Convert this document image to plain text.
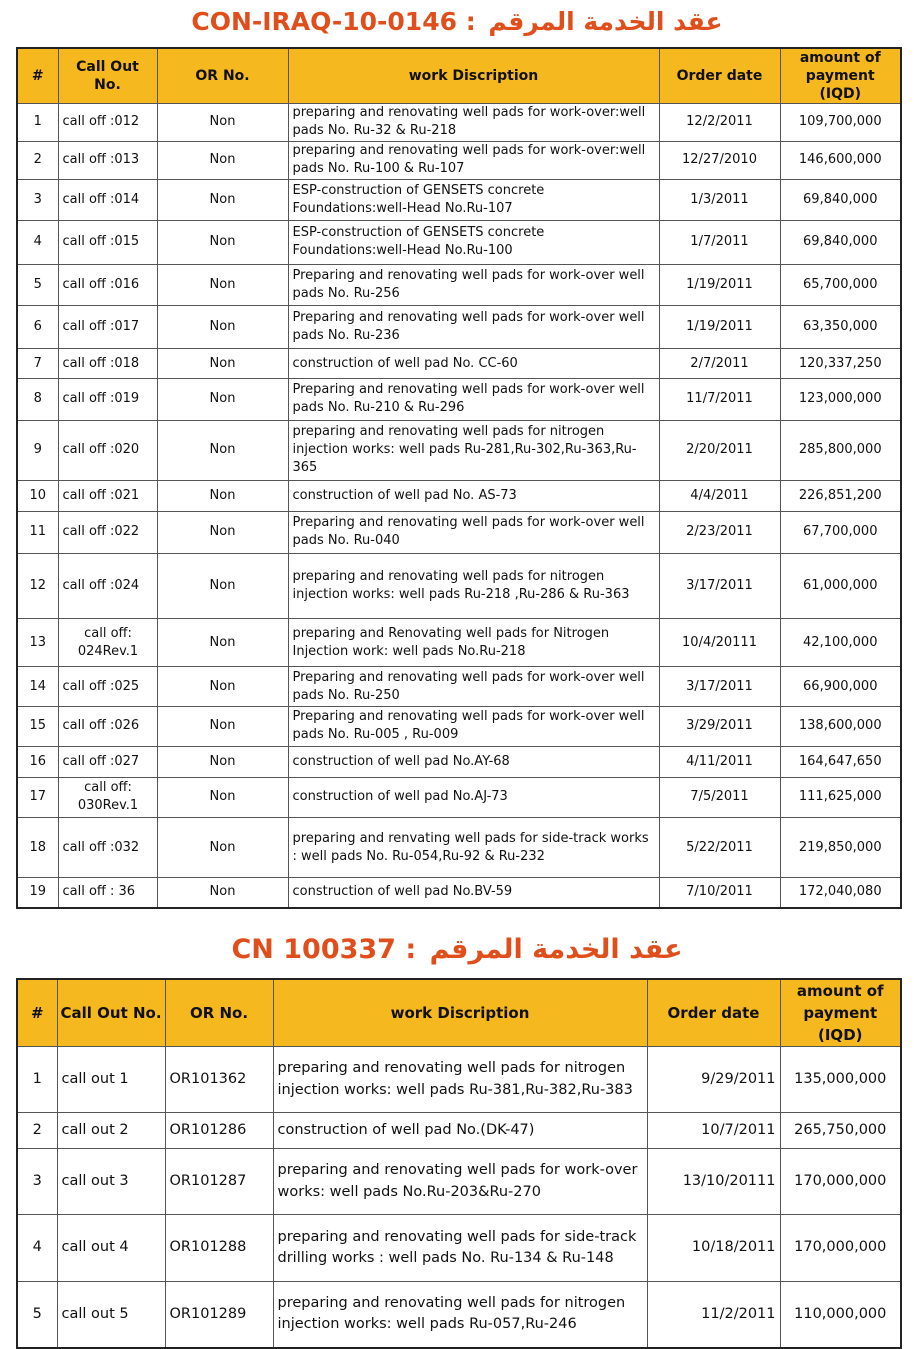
CON-IRAQ-10-0146 : عقد الخدمة المرقم
#	Call Out No.	OR No.	work Discription	Order date	amount of payment (IQD)
1	call off :012	Non	preparing and renovating well pads for work-over:well pads No. Ru-32 & Ru-218	12/2/2011	109,700,000
2	call off :013	Non	preparing and renovating well pads for work-over:well pads No. Ru-100 & Ru-107	12/27/2010	146,600,000
3	call off :014	Non	ESP-construction of GENSETS concrete Foundations:well-Head No.Ru-107	1/3/2011	69,840,000
4	call off :015	Non	ESP-construction of GENSETS concrete Foundations:well-Head No.Ru-100	1/7/2011	69,840,000
5	call off :016	Non	Preparing and renovating well pads for work-over well pads No. Ru-256	1/19/2011	65,700,000
6	call off :017	Non	Preparing and renovating well pads for work-over well pads No. Ru-236	1/19/2011	63,350,000
7	call off :018	Non	construction of well pad No. CC-60	2/7/2011	120,337,250
8	call off :019	Non	Preparing and renovating well pads for work-over well pads No. Ru-210 & Ru-296	11/7/2011	123,000,000
9	call off :020	Non	preparing and renovating well pads for nitrogen injection works: well pads Ru-281,Ru-302,Ru-363,Ru-365	2/20/2011	285,800,000
10	call off :021	Non	construction of well pad No. AS-73	4/4/2011	226,851,200
11	call off :022	Non	Preparing and renovating well pads for work-over well pads No. Ru-040	2/23/2011	67,700,000
12	call off :024	Non	preparing and renovating well pads for nitrogen injection works: well pads Ru-218 ,Ru-286 & Ru-363	3/17/2011	61,000,000
13	call off: 024Rev.1	Non	preparing and Renovating well pads for Nitrogen Injection work: well pads No.Ru-218	10/4/20111	42,100,000
14	call off :025	Non	Preparing and renovating well pads for work-over well pads No. Ru-250	3/17/2011	66,900,000
15	call off :026	Non	Preparing and renovating well pads for work-over well pads No. Ru-005 , Ru-009	3/29/2011	138,600,000
16	call off :027	Non	construction of well pad No.AY-68	4/11/2011	164,647,650
17	call off: 030Rev.1	Non	construction of well pad No.AJ-73	7/5/2011	111,625,000
18	call off :032	Non	preparing and renvating well pads for side-track works : well pads No. Ru-054,Ru-92 & Ru-232	5/22/2011	219,850,000
19	call off : 36	Non	construction of well pad No.BV-59	7/10/2011	172,040,080
CN 100337 : عقد الخدمة المرقم
#	Call Out No.	OR No.	work Discription	Order date	amount of payment (IQD)
1	call out 1	OR101362	preparing and renovating well pads for nitrogen injection works: well pads Ru-381,Ru-382,Ru-383	9/29/2011	135,000,000
2	call out 2	OR101286	construction of well pad No.(DK-47)	10/7/2011	265,750,000
3	call out 3	OR101287	preparing and renovating well pads for work-over works: well pads No.Ru-203&Ru-270	13/10/20111	170,000,000
4	call out 4	OR101288	preparing and renovating well pads for side-track drilling works : well pads No. Ru-134 & Ru-148	10/18/2011	170,000,000
5	call out 5	OR101289	preparing and renovating well pads for nitrogen injection works: well pads Ru-057,Ru-246	11/2/2011	110,000,000
